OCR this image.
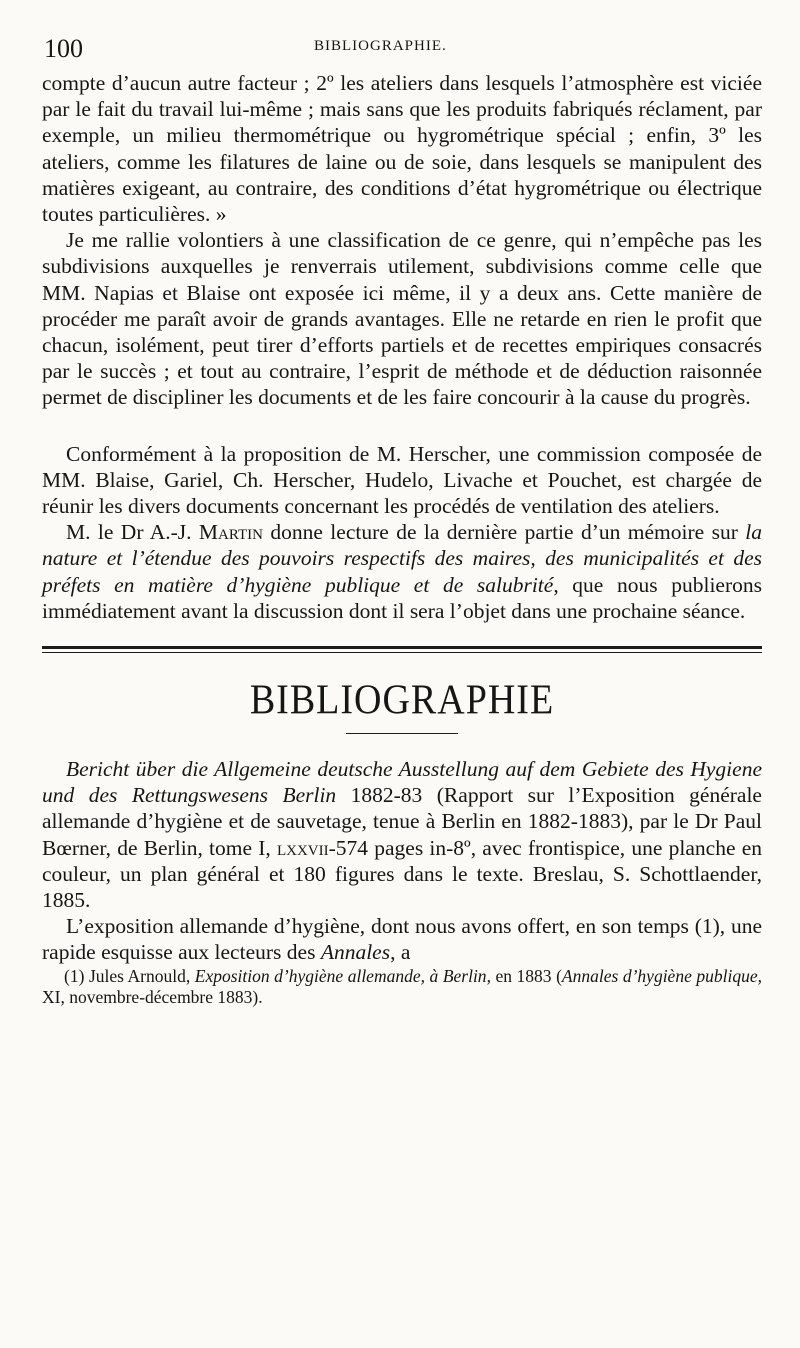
100	BIBLIOGRAPHIE.

compte d’aucun autre facteur ; 2º les ateliers dans lesquels l’atmosphère est viciée par le fait du travail lui-même ; mais sans que les produits fabriqués réclament, par exemple, un milieu thermométrique ou hygrométrique spécial ; enfin, 3º les ateliers, comme les filatures de laine ou de soie, dans lesquels se manipulent des matières exigeant, au contraire, des conditions d’état hygrométrique ou électrique toutes particulières. »

Je me rallie volontiers à une classification de ce genre, qui n’empêche pas les subdivisions auxquelles je renverrais utilement, subdivisions comme celle que MM. Napias et Blaise ont exposée ici même, il y a deux ans. Cette manière de procéder me paraît avoir de grands avantages. Elle ne retarde en rien le profit que chacun, isolément, peut tirer d’efforts partiels et de recettes empiriques consacrés par le succès ; et tout au contraire, l’esprit de méthode et de déduction raisonnée permet de discipliner les documents et de les faire concourir à la cause du progrès.

Conformément à la proposition de M. Herscher, une commission composée de MM. Blaise, Gariel, Ch. Herscher, Hudelo, Livache et Pouchet, est chargée de réunir les divers documents concernant les procédés de ventilation des ateliers.

M. le Dr A.-J. Martin donne lecture de la dernière partie d’un mémoire sur la nature et l’étendue des pouvoirs respectifs des maires, des municipalités et des préfets en matière d’hygiène publique et de salubrité, que nous publierons immédiatement avant la discussion dont il sera l’objet dans une prochaine séance.

BIBLIOGRAPHIE

Bericht über die Allgemeine deutsche Ausstellung auf dem Gebiete des Hygiene und des Rettungswesens Berlin 1882-83 (Rapport sur l’Exposition générale allemande d’hygiène et de sauvetage, tenue à Berlin en 1882-1883), par le Dr Paul Bœrner, de Berlin, tome I, lxxvii-574 pages in-8º, avec frontispice, une planche en couleur, un plan général et 180 figures dans le texte. Breslau, S. Schottlaender, 1885.

L’exposition allemande d’hygiène, dont nous avons offert, en son temps (1), une rapide esquisse aux lecteurs des Annales, a

(1) Jules Arnould, Exposition d’hygiène allemande, à Berlin, en 1883 (Annales d’hygiène publique, XI, novembre-décembre 1883).
